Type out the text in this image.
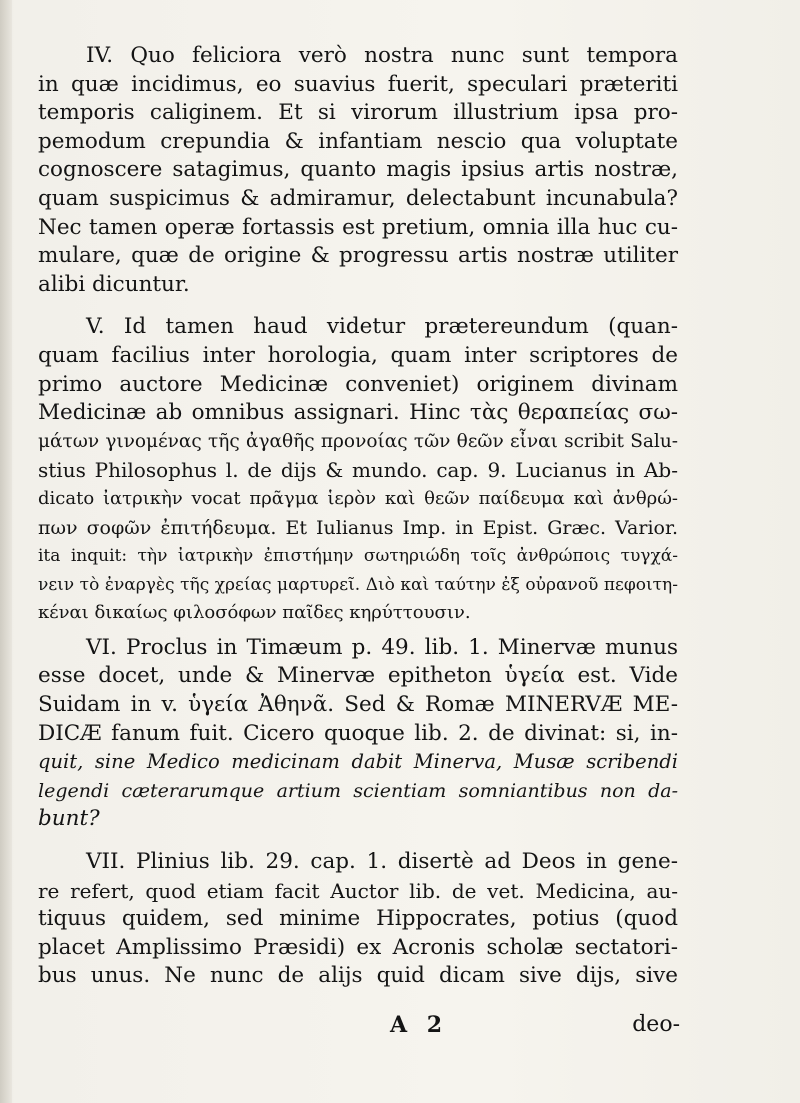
IV. Quo feliciora verò nostra nunc sunt tempora
in quæ incidimus, eo suavius fuerit, speculari præteriti
temporis caliginem. Et si virorum illustrium ipsa pro-
pemodum crepundia & infantiam nescio qua voluptate
cognoscere satagimus, quanto magis ipsius artis nostræ,
quam suspicimus & admiramur, delectabunt incunabula?
Nec tamen operæ fortassis est pretium, omnia illa huc cu-
mulare, quæ de origine & progressu artis nostræ utiliter
alibi dicuntur.
V. Id tamen haud videtur prætereundum (quan-
quam facilius inter horologia, quam inter scriptores de
primo auctore Medicinæ conveniet) originem divinam
Medicinæ ab omnibus assignari. Hinc τὰς θεραπείας σω-
μάτων γινομένας τῆς ἀγαθῆς προνοίας τῶν θεῶν εἶναι scribit Salu-
stius Philosophus l. de dijs & mundo. cap. 9. Lucianus in Ab-
dicato ἰατρικὴν vocat πρᾶγμα ἱερὸν καὶ θεῶν παίδευμα καὶ ἀνθρώ-
πων σοφῶν ἐπιτήδευμα. Et Iulianus Imp. in Epist. Græc. Varior.
ita inquit: τὴν ἰατρικὴν ἐπιστήμην σωτηριώδη τοῖς ἀνθρώποις τυγχά-
νειν τὸ ἐναργὲς τῆς χρείας μαρτυρεῖ. Διὸ καὶ ταύτην ἐξ οὐρανοῦ πεφοιτη-
κέναι δικαίως φιλοσόφων παῖδες κηρύττουσιν.
VI. Proclus in Timæum p. 49. lib. 1. Minervæ munus
esse docet, unde & Minervæ epitheton ὑγεία est. Vide
Suidam in v. ὑγεία Ἀθηνᾶ. Sed & Romæ MINERVÆ ME-
DICÆ fanum fuit. Cicero quoque lib. 2. de divinat: si, in-
quit, sine Medico medicinam dabit Minerva, Musæ scribendi
legendi cæterarumque artium scientiam somniantibus non da-
bunt?
VII. Plinius lib. 29. cap. 1. disertè ad Deos in gene-
re refert, quod etiam facit Auctor lib. de vet. Medicina, au-
tiquus quidem, sed minime Hippocrates, potius (quod
placet Amplissimo Præsidi) ex Acronis scholæ sectatori-
bus unus. Ne nunc de alijs quid dicam sive dijs, sive
A 2	deo-
